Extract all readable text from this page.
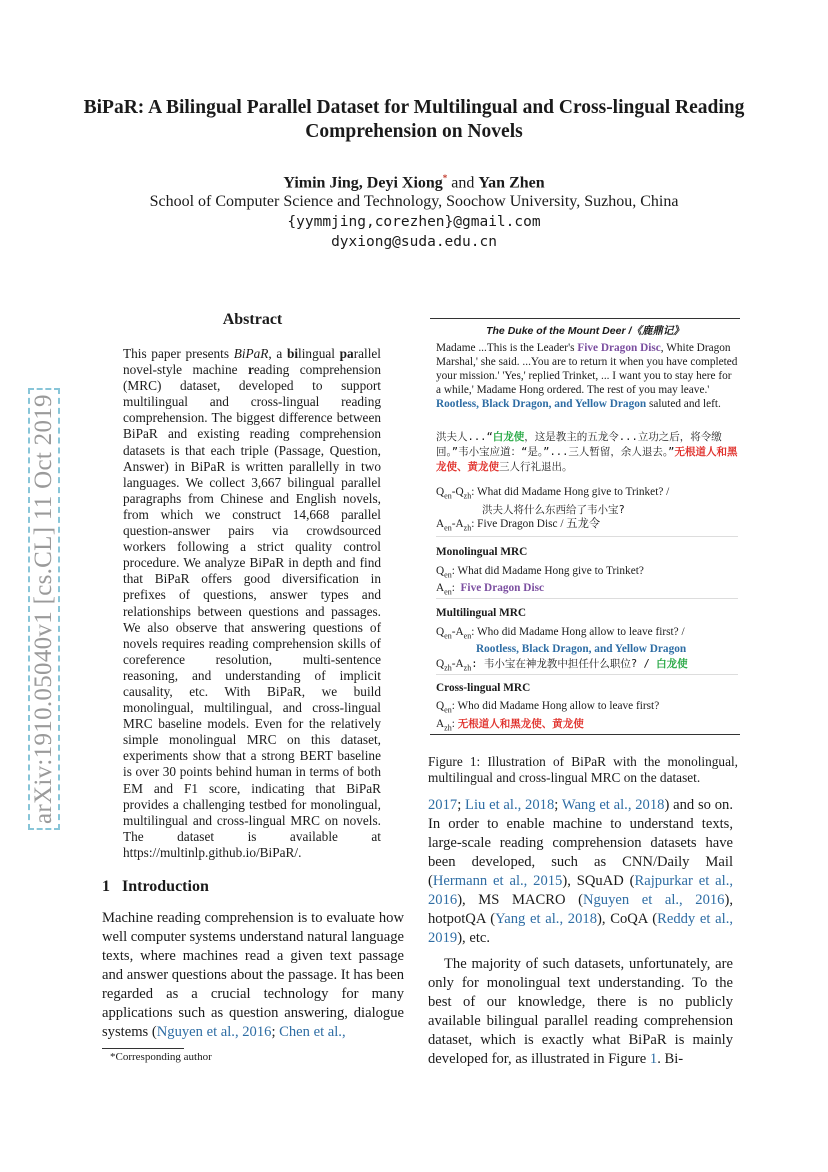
BiPaR: A Bilingual Parallel Dataset for Multilingual and Cross-lingual Reading Comprehension on Novels
Yimin Jing, Deyi Xiong* and Yan Zhen
School of Computer Science and Technology, Soochow University, Suzhou, China
{yymmjing,corezhen}@gmail.com
dyxiong@suda.edu.cn
arXiv:1910.05040v1 [cs.CL] 11 Oct 2019
Abstract
This paper presents BiPaR, a bilingual parallel novel-style machine reading comprehension (MRC) dataset, developed to support multilingual and cross-lingual reading comprehension. The biggest difference between BiPaR and existing reading comprehension datasets is that each triple (Passage, Question, Answer) in BiPaR is written parallelly in two languages. We collect 3,667 bilingual parallel paragraphs from Chinese and English novels, from which we construct 14,668 parallel question-answer pairs via crowdsourced workers following a strict quality control procedure. We analyze BiPaR in depth and find that BiPaR offers good diversification in prefixes of questions, answer types and relationships between questions and passages. We also observe that answering questions of novels requires reading comprehension skills of coreference resolution, multi-sentence reasoning, and understanding of implicit causality, etc. With BiPaR, we build monolingual, multilingual, and cross-lingual MRC baseline models. Even for the relatively simple monolingual MRC on this dataset, experiments show that a strong BERT baseline is over 30 points behind human in terms of both EM and F1 score, indicating that BiPaR provides a challenging testbed for monolingual, multilingual and cross-lingual MRC on novels. The dataset is available at https://multinlp.github.io/BiPaR/.
1 Introduction
Machine reading comprehension is to evaluate how well computer systems understand natural language texts, where machines read a given text passage and answer questions about the passage. It has been regarded as a crucial technology for many applications such as question answering, dialogue systems (Nguyen et al., 2016; Chen et al.,
*Corresponding author
The Duke of the Mount Deer /《鹿鼎记》
Madame ...This is the Leader's Five Dragon Disc, White Dragon Marshal,' she said. ...You are to return it when you have completed your mission.' 'Yes,' replied Trinket, ... I want you to stay here for a while,' Madame Hong ordered. The rest of you may leave.' Rootless, Black Dragon, and Yellow Dragon saluted and left.
洪夫人...“白龙使，这是教主的五龙令...立功之后，将令缴回。”韦小宝应道：“是。”...三人暂留，余人退去。”无根道人和黑龙使、黄龙使三人行礼退出。
$Q_{en}-Q_{zh}$: What did Madame Hong give to Trinket? /
洪夫人将什么东西给了韦小宝?
$A_{en}-A_{zh}$: Five Dragon Disc / 五龙令
Monolingual MRC
$Q_{en}$: What did Madame Hong give to Trinket?
$A_{en}$:  Five Dragon Disc
Multilingual MRC
$Q_{en}-A_{en}$: Who did Madame Hong allow to leave first? /
Rootless, Black Dragon, and Yellow Dragon
$Q_{zh}-A_{zh}$: 韦小宝在神龙教中担任什么职位? / 白龙使
Cross-lingual MRC
$Q_{en}$: Who did Madame Hong allow to leave first?
$A_{zh}$: 无根道人和黑龙使、黄龙使
Figure 1: Illustration of BiPaR with the monolingual, multilingual and cross-lingual MRC on the dataset.
2017; Liu et al., 2018; Wang et al., 2018) and so on. In order to enable machine to understand texts, large-scale reading comprehension datasets have been developed, such as CNN/Daily Mail (Hermann et al., 2015), SQuAD (Rajpurkar et al., 2016), MS MACRO (Nguyen et al., 2016), hotpotQA (Yang et al., 2018), CoQA (Reddy et al., 2019), etc.
The majority of such datasets, unfortunately, are only for monolingual text understanding. To the best of our knowledge, there is no publicly available bilingual parallel reading comprehension dataset, which is exactly what BiPaR is mainly developed for, as illustrated in Figure 1. Bi-
